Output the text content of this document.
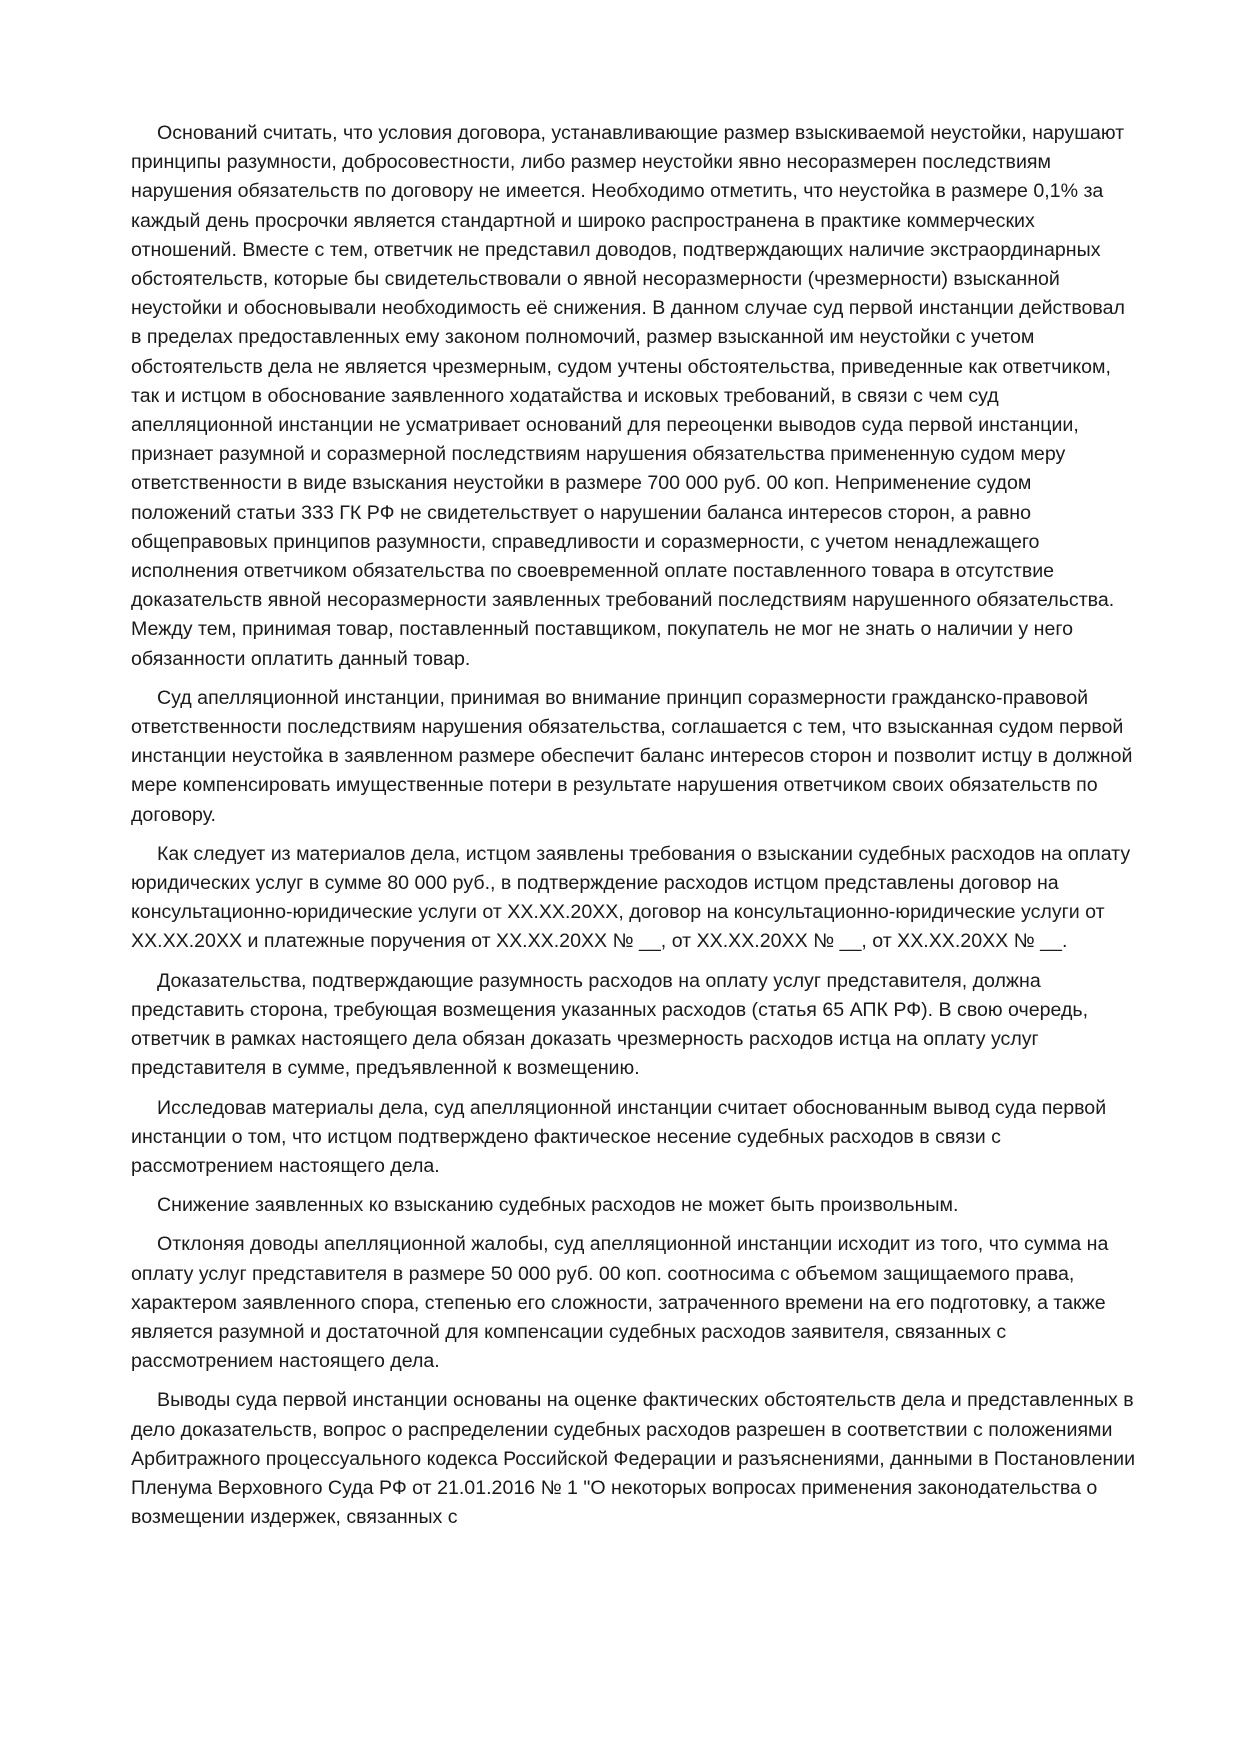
Оснований считать, что условия договора, устанавливающие размер взыскиваемой неустойки, нарушают принципы разумности, добросовестности, либо размер неустойки явно несоразмерен последствиям нарушения обязательств по договору не имеется. Необходимо отметить, что неустойка в размере 0,1% за каждый день просрочки является стандартной и широко распространена в практике коммерческих отношений. Вместе с тем, ответчик не представил доводов, подтверждающих наличие экстраординарных обстоятельств, которые бы свидетельствовали о явной несоразмерности (чрезмерности) взысканной неустойки и обосновывали необходимость её снижения. В данном случае суд первой инстанции действовал в пределах предоставленных ему законом полномочий, размер взысканной им неустойки с учетом обстоятельств дела не является чрезмерным, судом учтены обстоятельства, приведенные как ответчиком, так и истцом в обоснование заявленного ходатайства и исковых требований, в связи с чем суд апелляционной инстанции не усматривает оснований для переоценки выводов суда первой инстанции, признает разумной и соразмерной последствиям нарушения обязательства примененную судом меру ответственности в виде взыскания неустойки в размере 700 000 руб. 00 коп. Неприменение судом положений статьи 333 ГК РФ не свидетельствует о нарушении баланса интересов сторон, а равно общеправовых принципов разумности, справедливости и соразмерности, с учетом ненадлежащего исполнения ответчиком обязательства по своевременной оплате поставленного товара в отсутствие доказательств явной несоразмерности заявленных требований последствиям нарушенного обязательства. Между тем, принимая товар, поставленный поставщиком, покупатель не мог не знать о наличии у него обязанности оплатить данный товар.

Суд апелляционной инстанции, принимая во внимание принцип соразмерности гражданско-правовой ответственности последствиям нарушения обязательства, соглашается с тем, что взысканная судом первой инстанции неустойка в заявленном размере обеспечит баланс интересов сторон и позволит истцу в должной мере компенсировать имущественные потери в результате нарушения ответчиком своих обязательств по договору.

Как следует из материалов дела, истцом заявлены требования о взыскании судебных расходов на оплату юридических услуг в сумме 80 000 руб., в подтверждение расходов истцом представлены договор на консультационно-юридические услуги от XX.XX.20XX, договор на консультационно-юридические услуги от XX.XX.20XX и платежные поручения от XX.XX.20XX № __, от XX.XX.20XX № __, от XX.XX.20XX № __.

Доказательства, подтверждающие разумность расходов на оплату услуг представителя, должна представить сторона, требующая возмещения указанных расходов (статья 65 АПК РФ). В свою очередь, ответчик в рамках настоящего дела обязан доказать чрезмерность расходов истца на оплату услуг представителя в сумме, предъявленной к возмещению.

Исследовав материалы дела, суд апелляционной инстанции считает обоснованным вывод суда первой инстанции о том, что истцом подтверждено фактическое несение судебных расходов в связи с рассмотрением настоящего дела.

Снижение заявленных ко взысканию судебных расходов не может быть произвольным.

Отклоняя доводы апелляционной жалобы, суд апелляционной инстанции исходит из того, что сумма на оплату услуг представителя в размере 50 000 руб. 00 коп. соотносима с объемом защищаемого права, характером заявленного спора, степенью его сложности, затраченного времени на его подготовку, а также является разумной и достаточной для компенсации судебных расходов заявителя, связанных с рассмотрением настоящего дела.

Выводы суда первой инстанции основаны на оценке фактических обстоятельств дела и представленных в дело доказательств, вопрос о распределении судебных расходов разрешен в соответствии с положениями Арбитражного процессуального кодекса Российской Федерации и разъяснениями, данными в Постановлении Пленума Верховного Суда РФ от 21.01.2016 № 1 "О некоторых вопросах применения законодательства о возмещении издержек, связанных с
